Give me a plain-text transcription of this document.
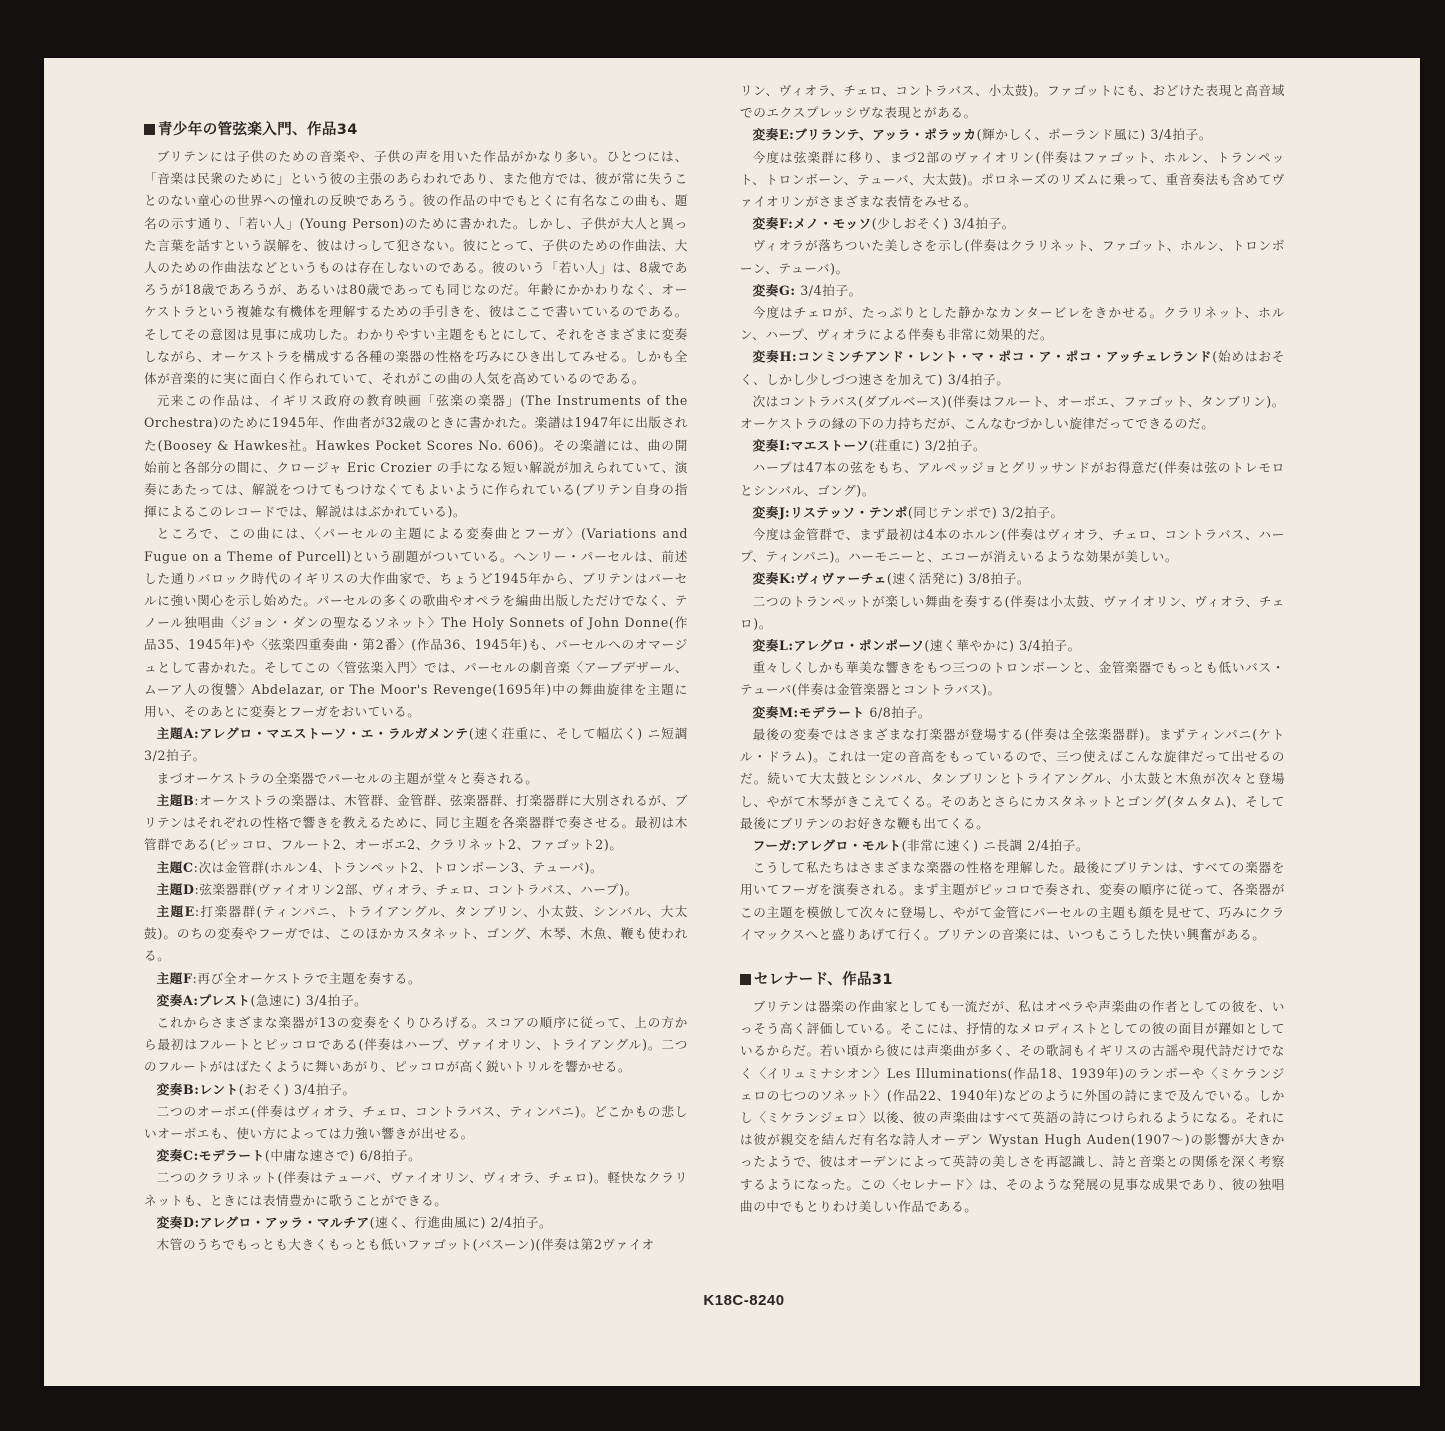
青少年の管弦楽入門、作品34

ブリテンには子供のための音楽や、子供の声を用いた作品がかなり多い。ひとつには、「音楽は民衆のために」という彼の主張のあらわれであり、また他方では、彼が常に失うことのない童心の世界への憧れの反映であろう。彼の作品の中でもとくに有名なこの曲も、題名の示す通り、「若い人」(Young Person)のために書かれた。しかし、子供が大人と異った言葉を話すという誤解を、彼はけっして犯さない。彼にとって、子供のための作曲法、大人のための作曲法などというものは存在しないのである。彼のいう「若い人」は、8歳であろうが18歳であろうが、あるいは80歳であっても同じなのだ。年齢にかかわりなく、オーケストラという複雑な有機体を理解するための手引きを、彼はここで書いているのである。そしてその意図は見事に成功した。わかりやすい主題をもとにして、それをさまざまに変奏しながら、オーケストラを構成する各種の楽器の性格を巧みにひき出してみせる。しかも全体が音楽的に実に面白く作られていて、それがこの曲の人気を高めているのである。

元来この作品は、イギリス政府の教育映画「弦楽の楽器」(The Instruments of the Orchestra)のために1945年、作曲者が32歳のときに書かれた。楽譜は1947年に出版された(Boosey & Hawkes社。Hawkes Pocket Scores No. 606)。その楽譜には、曲の開始前と各部分の間に、クロージャ Eric Crozier の手になる短い解説が加えられていて、演奏にあたっては、解説をつけてもつけなくてもよいように作られている(ブリテン自身の指揮によるこのレコードでは、解説ははぶかれている)。

ところで、この曲には、〈パーセルの主題による変奏曲とフーガ〉(Variations and Fugue on a Theme of Purcell)という副題がついている。ヘンリー・パーセルは、前述した通りバロック時代のイギリスの大作曲家で、ちょうど1945年から、ブリテンはパーセルに強い関心を示し始めた。パーセルの多くの歌曲やオペラを編曲出版しただけでなく、テノール独唱曲〈ジョン・ダンの聖なるソネット〉The Holy Sonnets of John Donne(作品35、1945年)や〈弦楽四重奏曲・第2番〉(作品36、1945年)も、パーセルへのオマージュとして書かれた。そしてこの〈管弦楽入門〉では、パーセルの劇音楽〈アーブデザール、ムーア人の復讐〉Abdelazar, or The Moor's Revenge(1695年)中の舞曲旋律を主題に用い、そのあとに変奏とフーガをおいている。

主題A:アレグロ・マエストーソ・エ・ラルガメンテ(速く荘重に、そして幅広く) ニ短調 3/2拍子。

まづオーケストラの全楽器でパーセルの主題が堂々と奏される。

主題B:オーケストラの楽器は、木管群、金管群、弦楽器群、打楽器群に大別されるが、ブリテンはそれぞれの性格で響きを教えるために、同じ主題を各楽器群で奏させる。最初は木管群である(ピッコロ、フルート2、オーボエ2、クラリネット2、ファゴット2)。

主題C:次は金管群(ホルン4、トランペット2、トロンボーン3、テューバ)。

主題D:弦楽器群(ヴァイオリン2部、ヴィオラ、チェロ、コントラバス、ハープ)。

主題E:打楽器群(ティンパニ、トライアングル、タンブリン、小太鼓、シンバル、大太鼓)。のちの変奏やフーガでは、このほかカスタネット、ゴング、木琴、木魚、鞭も使われる。

主題F:再び全オーケストラで主題を奏する。

変奏A:プレスト(急速に) 3/4拍子。

これからさまざまな楽器が13の変奏をくりひろげる。スコアの順序に従って、上の方から最初はフルートとピッコロである(伴奏はハープ、ヴァイオリン、トライアングル)。二つのフルートがはばたくように舞いあがり、ピッコロが高く鋭いトリルを響かせる。

変奏B:レント(おそく) 3/4拍子。

二つのオーボエ(伴奏はヴィオラ、チェロ、コントラバス、ティンパニ)。どこかもの悲しいオーボエも、使い方によっては力強い響きが出せる。

変奏C:モデラート(中庸な速さで) 6/8拍子。

二つのクラリネット(伴奏はテューバ、ヴァイオリン、ヴィオラ、チェロ)。軽快なクラリネットも、ときには表情豊かに歌うことができる。

変奏D:アレグロ・アッラ・マルチア(速く、行進曲風に) 2/4拍子。

木管のうちでもっとも大きくもっとも低いファゴット(バスーン)(伴奏は第2ヴァイオ

リン、ヴィオラ、チェロ、コントラバス、小太鼓)。ファゴットにも、おどけた表現と高音域でのエクスプレッシヴな表現とがある。

変奏E:ブリランテ、アッラ・ポラッカ(輝かしく、ポーランド風に) 3/4拍子。

今度は弦楽群に移り、まづ2部のヴァイオリン(伴奏はファゴット、ホルン、トランペット、トロンボーン、テューバ、大太鼓)。ポロネーズのリズムに乗って、重音奏法も含めてヴァイオリンがさまざまな表情をみせる。

変奏F:メノ・モッソ(少しおそく) 3/4拍子。

ヴィオラが落ちついた美しさを示し(伴奏はクラリネット、ファゴット、ホルン、トロンボーン、テューバ)。

変奏G: 3/4拍子。

今度はチェロが、たっぷりとした静かなカンタービレをきかせる。クラリネット、ホルン、ハープ、ヴィオラによる伴奏も非常に効果的だ。

変奏H:コンミンチアンド・レント・マ・ポコ・ア・ポコ・アッチェレランド(始めはおそく、しかし少しづつ速さを加えて) 3/4拍子。

次はコントラバス(ダブルベース)(伴奏はフルート、オーボエ、ファゴット、タンブリン)。オーケストラの縁の下の力持ちだが、こんなむづかしい旋律だってできるのだ。

変奏I:マエストーソ(荘重に) 3/2拍子。

ハープは47本の弦をもち、アルペッジョとグリッサンドがお得意だ(伴奏は弦のトレモロとシンバル、ゴング)。

変奏J:リステッソ・テンポ(同じテンポで) 3/2拍子。

今度は金管群で、まず最初は4本のホルン(伴奏はヴィオラ、チェロ、コントラバス、ハープ、ティンパニ)。ハーモニーと、エコーが消えいるような効果が美しい。

変奏K:ヴィヴァーチェ(速く活発に) 3/8拍子。

二つのトランペットが楽しい舞曲を奏する(伴奏は小太鼓、ヴァイオリン、ヴィオラ、チェロ)。

変奏L:アレグロ・ポンポーソ(速く華やかに) 3/4拍子。

重々しくしかも華美な響きをもつ三つのトロンボーンと、金管楽器でもっとも低いバス・テューバ(伴奏は金管楽器とコントラバス)。

変奏M:モデラート 6/8拍子。

最後の変奏ではさまざまな打楽器が登場する(伴奏は全弦楽器群)。まずティンパニ(ケトル・ドラム)。これは一定の音高をもっているので、三つ使えばこんな旋律だって出せるのだ。続いて大太鼓とシンバル、タンブリンとトライアングル、小太鼓と木魚が次々と登場し、やがて木琴がきこえてくる。そのあとさらにカスタネットとゴング(タムタム)、そして最後にブリテンのお好きな鞭も出てくる。

フーガ:アレグロ・モルト(非常に速く) ニ長調 2/4拍子。

こうして私たちはさまざまな楽器の性格を理解した。最後にブリテンは、すべての楽器を用いてフーガを演奏される。まず主題がピッコロで奏され、変奏の順序に従って、各楽器がこの主題を模倣して次々に登場し、やがて金管にパーセルの主題も顔を見せて、巧みにクライマックスへと盛りあげて行く。ブリテンの音楽には、いつもこうした快い興奮がある。

セレナード、作品31

ブリテンは器楽の作曲家としても一流だが、私はオペラや声楽曲の作者としての彼を、いっそう高く評価している。そこには、抒情的なメロディストとしての彼の面目が躍如としているからだ。若い頃から彼には声楽曲が多く、その歌詞もイギリスの古謡や現代詩だけでなく〈イリュミナシオン〉Les Illuminations(作品18、1939年)のランボーや〈ミケランジェロの七つのソネット〉(作品22、1940年)などのように外国の詩にまで及んでいる。しかし〈ミケランジェロ〉以後、彼の声楽曲はすべて英語の詩につけられるようになる。それには彼が親交を結んだ有名な詩人オーデン Wystan Hugh Auden(1907〜)の影響が大きかったようで、彼はオーデンによって英詩の美しさを再認識し、詩と音楽との関係を深く考察するようになった。この〈セレナード〉は、そのような発展の見事な成果であり、彼の独唱曲の中でもとりわけ美しい作品である。

K18C-8240
